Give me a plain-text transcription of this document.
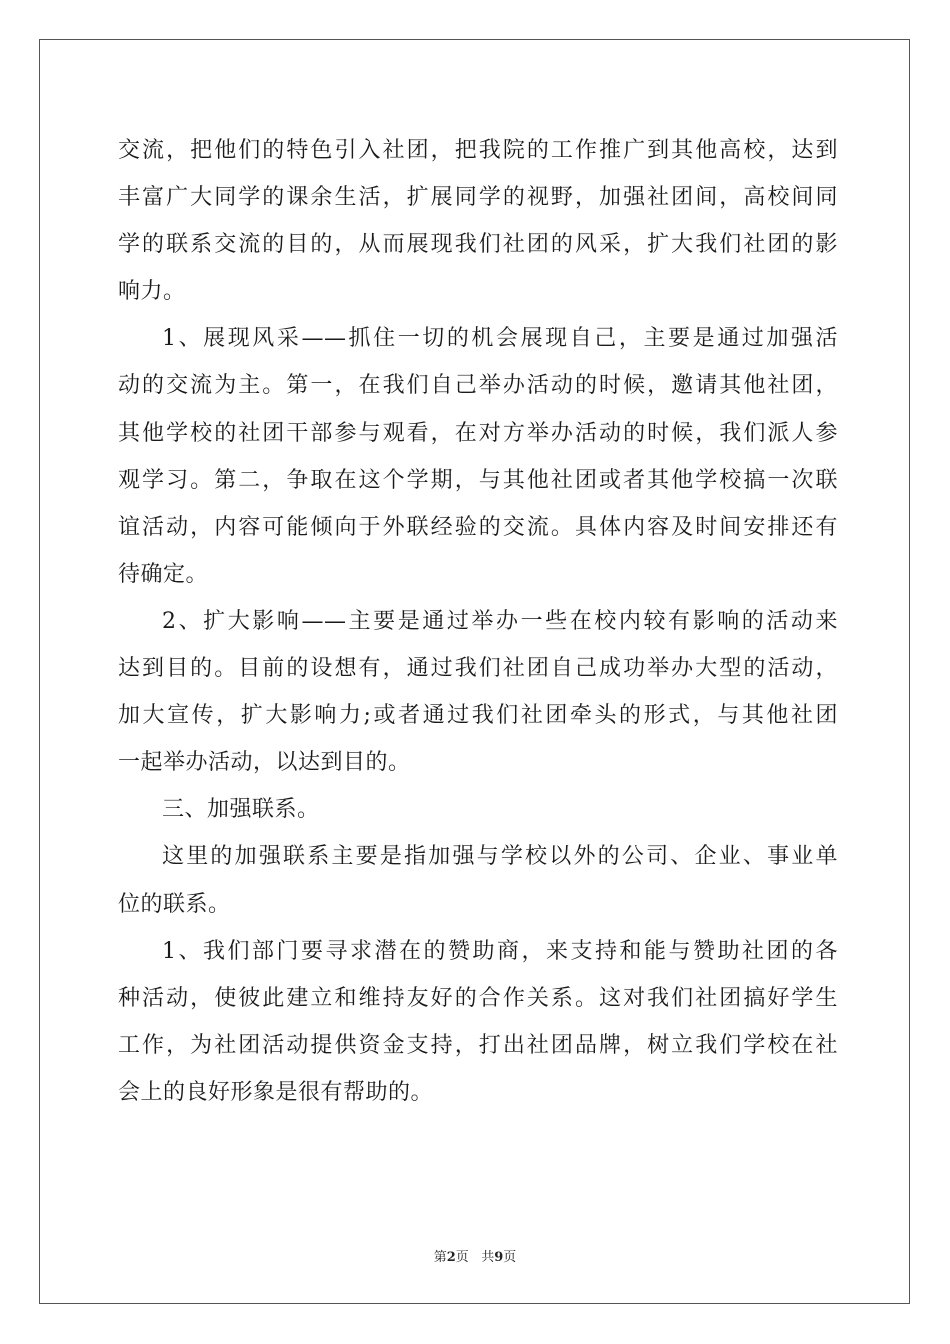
交流，把他们的特色引入社团，把我院的工作推广到其他高校，达到
丰富广大同学的课余生活，扩展同学的视野，加强社团间，高校间同
学的联系交流的目的，从而展现我们社团的风采，扩大我们社团的影
响力。
1、展现风采——抓住一切的机会展现自己，主要是通过加强活
动的交流为主。第一，在我们自己举办活动的时候，邀请其他社团，
其他学校的社团干部参与观看，在对方举办活动的时候，我们派人参
观学习。第二，争取在这个学期，与其他社团或者其他学校搞一次联
谊活动，内容可能倾向于外联经验的交流。具体内容及时间安排还有
待确定。
2、扩大影响——主要是通过举办一些在校内较有影响的活动来
达到目的。目前的设想有，通过我们社团自己成功举办大型的活动，
加大宣传，扩大影响力;或者通过我们社团牵头的形式，与其他社团
一起举办活动，以达到目的。
三、加强联系。
这里的加强联系主要是指加强与学校以外的公司、企业、事业单
位的联系。
1、我们部门要寻求潜在的赞助商，来支持和能与赞助社团的各
种活动，使彼此建立和维持友好的合作关系。这对我们社团搞好学生
工作，为社团活动提供资金支持，打出社团品牌，树立我们学校在社
会上的良好形象是很有帮助的。
第2页 共9页
